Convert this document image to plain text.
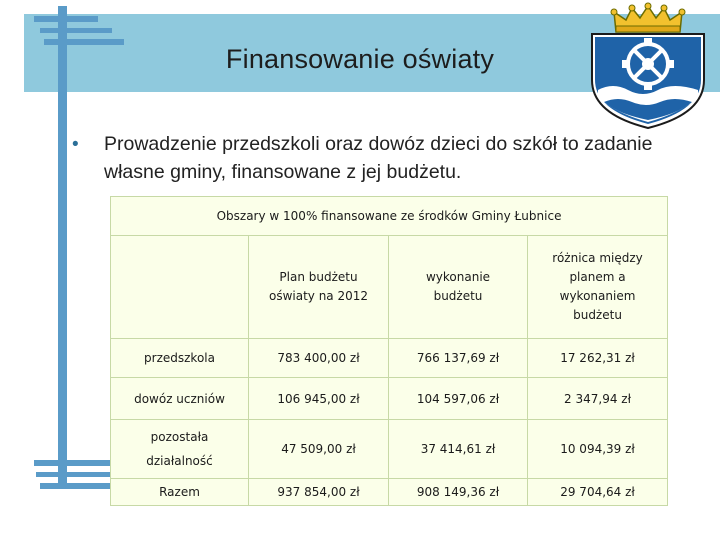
Finansowanie oświaty
• Prowadzenie przedszkoli oraz dowóz dzieci do szkół to zadanie własne gminy, finansowane z jej budżetu.
Obszary w 100% finansowane ze środków Gminy Łubnice			
	Plan budżetu oświaty na 2012	wykonanie budżetu	różnica między planem a wykonaniem budżetu
przedszkola	783 400,00 zł	766 137,69 zł	17 262,31 zł
dowóz uczniów	106 945,00 zł	104 597,06 zł	2 347,94 zł

pozostała
działalność	47 509,00 zł	37 414,61 zł	10 094,39 zł
Razem	937 854,00 zł	908 149,36 zł	29 704,64 zł
